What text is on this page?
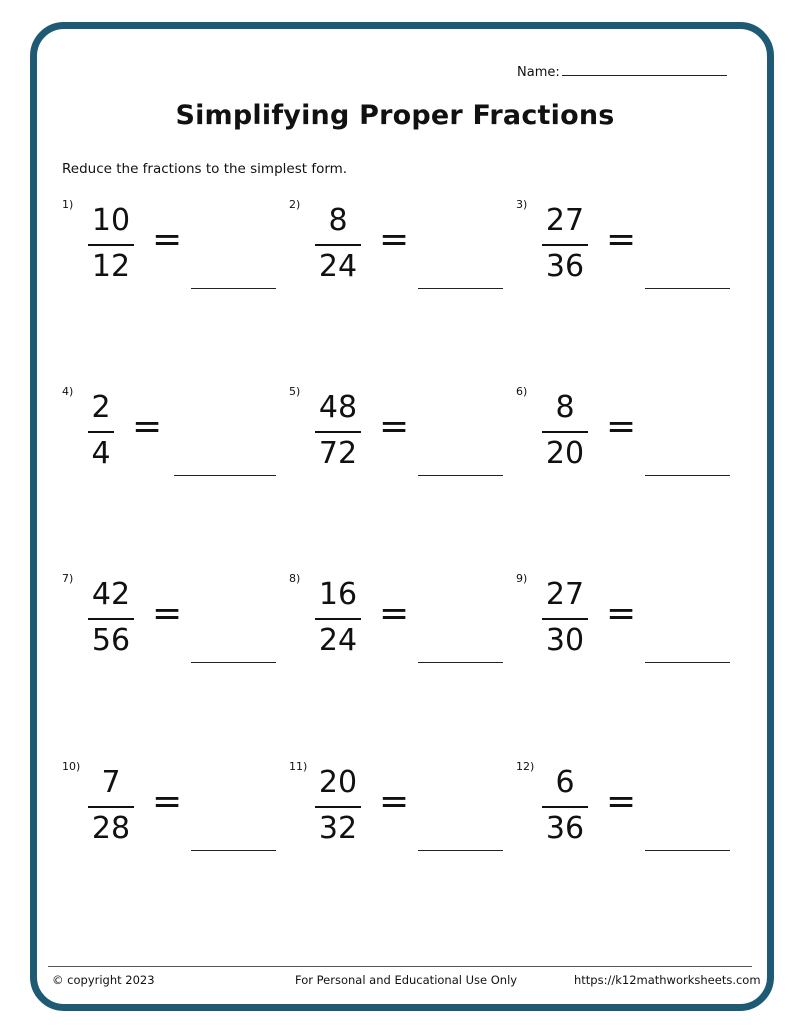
Name:
Simplifying Proper Fractions
Reduce the fractions to the simplest form.
1) 10
12
=
2) 8
24
=
3) 27
36
=
4) 2
4
=
5) 48
72
=
6) 8
20
=
7) 42
56
=
8) 16
24
=
9) 27
30
=
10) 7
28
=
11) 20
32
=
12) 6
36
=
© copyright 2023	For Personal and Educational Use Only	https://k12mathworksheets.com
